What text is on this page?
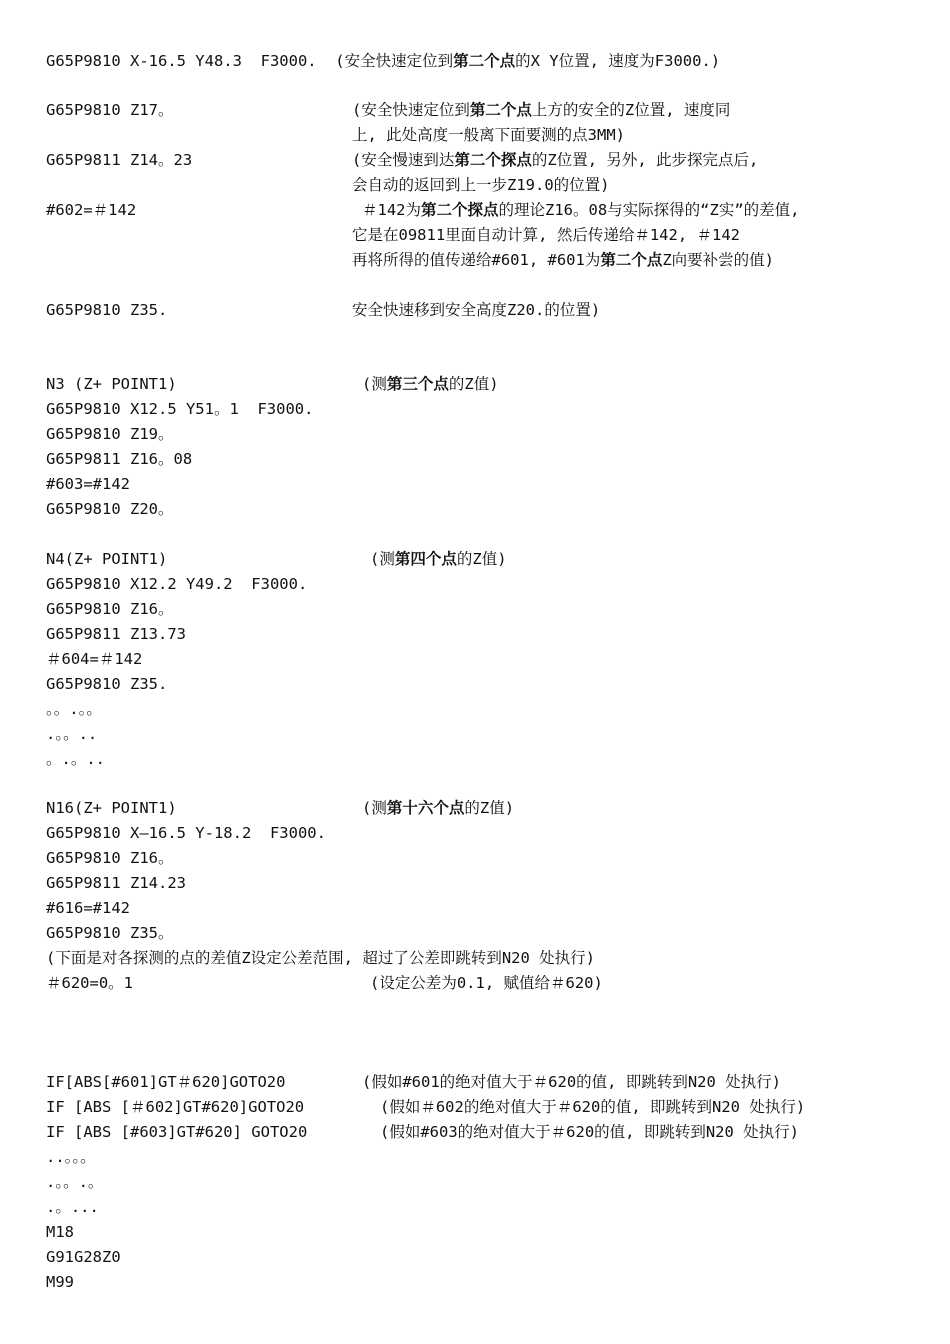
G65P9810 X-16.5 Y48.3  F3000.  (安全快速定位到第二个点的X Y位置, 速度为F3000.)
G65P9810 Z17。	(安全快速定位到第二个点上方的安全的Z位置, 速度同
上, 此处高度一般离下面要测的点3MM)
G65P9811 Z14。23	(安全慢速到达第二个探点的Z位置, 另外, 此步探完点后,
会自动的返回到上一步Z19.0的位置)
#602=＃142	＃142为第二个探点的理论Z16。08与实际探得的“Z实”的差值,
它是在09811里面自动计算, 然后传递给＃142, ＃142
再将所得的值传递给#601, #601为第二个点Z向要补尝的值)
G65P9810 Z35.	安全快速移到安全高度Z20.的位置)
N3 (Z+ POINT1)	(测第三个点的Z值)
G65P9810 X12.5 Y51。1  F3000.
G65P9810 Z19。
G65P9811 Z16。08
#603=#142
G65P9810 Z20。
N4(Z+ POINT1)	(测第四个点的Z值)
G65P9810 X12.2 Y49.2  F3000.
G65P9810 Z16。
G65P9811 Z13.73
＃604=＃142
G65P9810 Z35.
。。.。。
.。。..
。.。..
N16(Z+ POINT1)	(测第十六个点的Z值)
G65P9810 X—16.5 Y-18.2  F3000.
G65P9810 Z16。
G65P9811 Z14.23
#616=#142
G65P9810 Z35。
(下面是对各探测的点的差值Z设定公差范围, 超过了公差即跳转到N20 处执行)
＃620=0。1	(设定公差为0.1, 赋值给＃620)
IF[ABS[#601]GT＃620]GOTO20	(假如#601的绝对值大于＃620的值, 即跳转到N20 处执行)
IF [ABS [＃602]GT#620]GOTO20	(假如＃602的绝对值大于＃620的值, 即跳转到N20 处执行)
IF [ABS [#603]GT#620] GOTO20	(假如#603的绝对值大于＃620的值, 即跳转到N20 处执行)
..。。。
.。。.。
.。...
M18
G91G28Z0
M99
